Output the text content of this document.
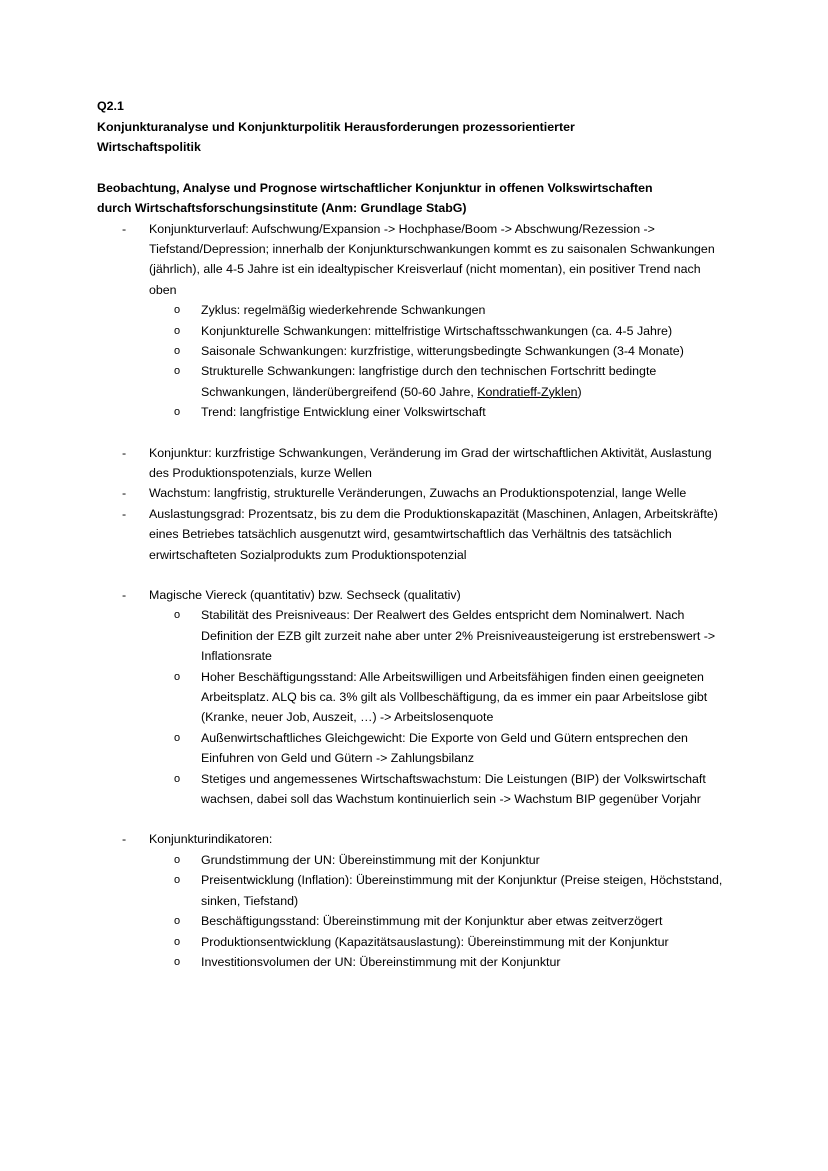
Q2.1
Konjunkturanalyse und Konjunkturpolitik Herausforderungen prozessorientierter
Wirtschaftspolitik
Beobachtung, Analyse und Prognose wirtschaftlicher Konjunktur in offenen Volkswirtschaften
durch Wirtschaftsforschungsinstitute (Anm: Grundlage StabG)
- Konjunkturverlauf: Aufschwung/Expansion -> Hochphase/Boom -> Abschwung/Rezession -> Tiefstand/Depression; innerhalb der Konjunkturschwankungen kommt es zu saisonalen Schwankungen (jährlich), alle 4-5 Jahre ist ein idealtypischer Kreisverlauf (nicht momentan), ein positiver Trend nach oben
o Zyklus: regelmäßig wiederkehrende Schwankungen
o Konjunkturelle Schwankungen: mittelfristige Wirtschaftsschwankungen (ca. 4-5 Jahre)
o Saisonale Schwankungen: kurzfristige, witterungsbedingte Schwankungen (3-4 Monate)
o Strukturelle Schwankungen: langfristige durch den technischen Fortschritt bedingte Schwankungen, länderübergreifend (50-60 Jahre, Kondratieff-Zyklen)
o Trend: langfristige Entwicklung einer Volkswirtschaft
- Konjunktur: kurzfristige Schwankungen, Veränderung im Grad der wirtschaftlichen Aktivität, Auslastung des Produktionspotenzials, kurze Wellen
- Wachstum: langfristig, strukturelle Veränderungen, Zuwachs an Produktionspotenzial, lange Welle
- Auslastungsgrad: Prozentsatz, bis zu dem die Produktionskapazität (Maschinen, Anlagen, Arbeitskräfte) eines Betriebes tatsächlich ausgenutzt wird, gesamtwirtschaftlich das Verhältnis des tatsächlich erwirtschafteten Sozialprodukts zum Produktionspotenzial
- Magische Viereck (quantitativ) bzw. Sechseck (qualitativ)
o Stabilität des Preisniveaus: Der Realwert des Geldes entspricht dem Nominalwert. Nach Definition der EZB gilt zurzeit nahe aber unter 2% Preisniveausteigerung ist erstrebenswert -> Inflationsrate
o Hoher Beschäftigungsstand: Alle Arbeitswilligen und Arbeitsfähigen finden einen geeigneten Arbeitsplatz. ALQ bis ca. 3% gilt als Vollbeschäftigung, da es immer ein paar Arbeitslose gibt (Kranke, neuer Job, Auszeit, …) -> Arbeitslosenquote
o Außenwirtschaftliches Gleichgewicht: Die Exporte von Geld und Gütern entsprechen den Einfuhren von Geld und Gütern -> Zahlungsbilanz
o Stetiges und angemessenes Wirtschaftswachstum: Die Leistungen (BIP) der Volkswirtschaft wachsen, dabei soll das Wachstum kontinuierlich sein -> Wachstum BIP gegenüber Vorjahr
- Konjunkturindikatoren:
o Grundstimmung der UN: Übereinstimmung mit der Konjunktur
o Preisentwicklung (Inflation): Übereinstimmung mit der Konjunktur (Preise steigen, Höchststand, sinken, Tiefstand)
o Beschäftigungsstand: Übereinstimmung mit der Konjunktur aber etwas zeitverzögert
o Produktionsentwicklung (Kapazitätsauslastung): Übereinstimmung mit der Konjunktur
o Investitionsvolumen der UN: Übereinstimmung mit der Konjunktur
